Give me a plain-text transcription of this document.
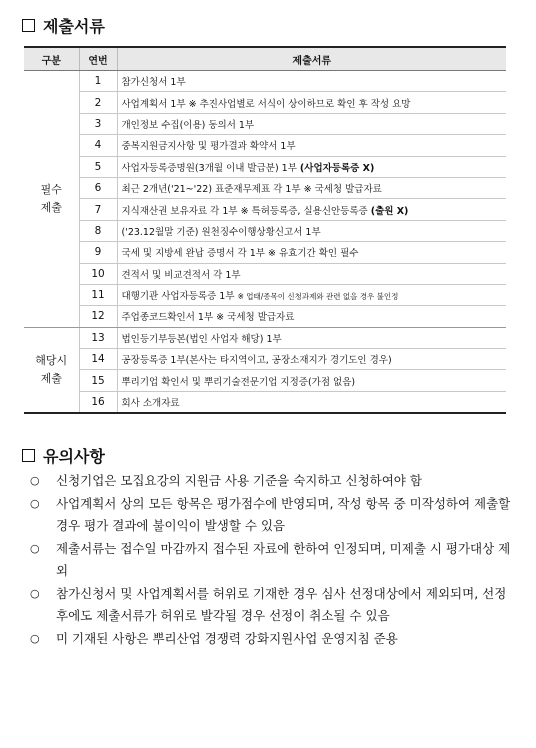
제출서류
구분	연번	제출서류

필수
제출	1	참가신청서 1부
	2	사업계획서 1부 ※ 추진사업별로 서식이 상이하므로 확인 후 작성 요망
	3	개인정보 수집(이용) 동의서 1부
	4	중복지원금지사항 및 평가결과 확약서 1부
	5	사업자등록증명원(3개월 이내 발급분) 1부 (사업자등록증 X)
	6	최근 2개년('21~'22) 표준재무제표 각 1부 ※ 국세청 발급자료
	7	지식재산권 보유자료 각 1부 ※ 특허등록증, 실용신안등록증 (출원 X)
	8	('23.12월말 기준) 원천징수이행상황신고서 1부
	9	국세 및 지방세 완납 증명서 각 1부 ※ 유효기간 확인 필수
	10	견적서 및 비교견적서 각 1부
	11	대행기관 사업자등록증 1부 ※ 업태/종목이 신청과제와 관련 없을 경우 불인정
	12	주업종코드확인서 1부 ※ 국세청 발급자료

해당시
제출	13	법인등기부등본(법인 사업자 해당) 1부
	14	공장등록증 1부(본사는 타지역이고, 공장소재지가 경기도인 경우)
	15	뿌리기업 확인서 및 뿌리기술전문기업 지정증(가점 없음)
	16	회사 소개자료
유의사항
○ 신청기업은 모집요강의 지원금 사용 기준을 숙지하고 신청하여야 함
○ 사업계획서 상의 모든 항목은 평가점수에 반영되며, 작성 항목 중 미작성하여 제출할 경우 평가 결과에 불이익이 발생할 수 있음
○ 제출서류는 접수일 마감까지 접수된 자료에 한하여 인정되며, 미제출 시 평가대상 제외
○ 참가신청서 및 사업계획서를 허위로 기재한 경우 심사 선정대상에서 제외되며, 선정 후에도 제출서류가 허위로 발각될 경우 선정이 취소될 수 있음
○ 미 기재된 사항은 뿌리산업 경쟁력 강화지원사업 운영지침 준용
